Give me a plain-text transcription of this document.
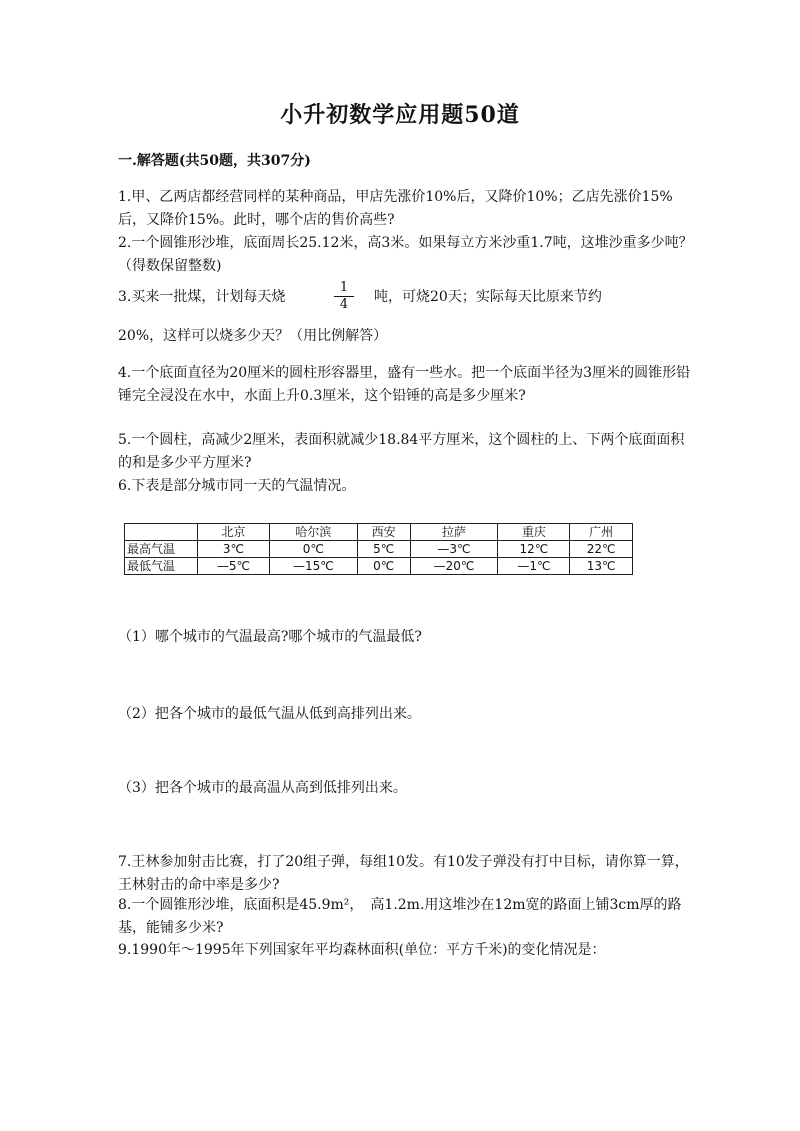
小升初数学应用题50道
一.解答题(共50题，共307分)

1.甲、乙两店都经营同样的某种商品，甲店先涨价10%后，又降价10%；乙店先涨价15%后，又降价15%。此时，哪个店的售价高些?

2.一个圆锥形沙堆，底面周长25.12米，高3米。如果每立方米沙重1.7吨，这堆沙重多少吨？（得数保留整数)

3.买来一批煤，计划每天烧	$\frac{1}{4}$ 吨，可烧20天；实际每天比原来节约

20%，这样可以烧多少天？（用比例解答）

4.一个底面直径为20厘米的圆柱形容器里，盛有一些水。把一个底面半径为3厘米的圆锥形铅锤完全浸没在水中，水面上升0.3厘米，这个铅锤的高是多少厘米?

5.一个圆柱，高减少2厘米，表面积就减少18.84平方厘米，这个圆柱的上、下两个底面面积的和是多少平方厘米?

6.下表是部分城市同一天的气温情况。

	北京	哈尔滨	西安	拉萨	重庆	广州
最高气温	3℃	0℃	5℃	—3℃	12℃	22℃
最低气温	—5℃	—15℃	0℃	—20℃	—1℃	13℃
（1）哪个城市的气温最高?哪个城市的气温最低?
（2）把各个城市的最低气温从低到高排列出来。
（3）把各个城市的最高温从高到低排列出来。

7.王林参加射击比赛，打了20组子弹，每组10发。有10发子弹没有打中目标，请你算一算，王林射击的命中率是多少?

8.一个圆锥形沙堆，底面积是45.9m²，　高1.2m.用这堆沙在12m宽的路面上铺3cm厚的路基，能铺多少米?

9.1990年～1995年下列国家年平均森林面积(单位：平方千米)的变化情况是：
